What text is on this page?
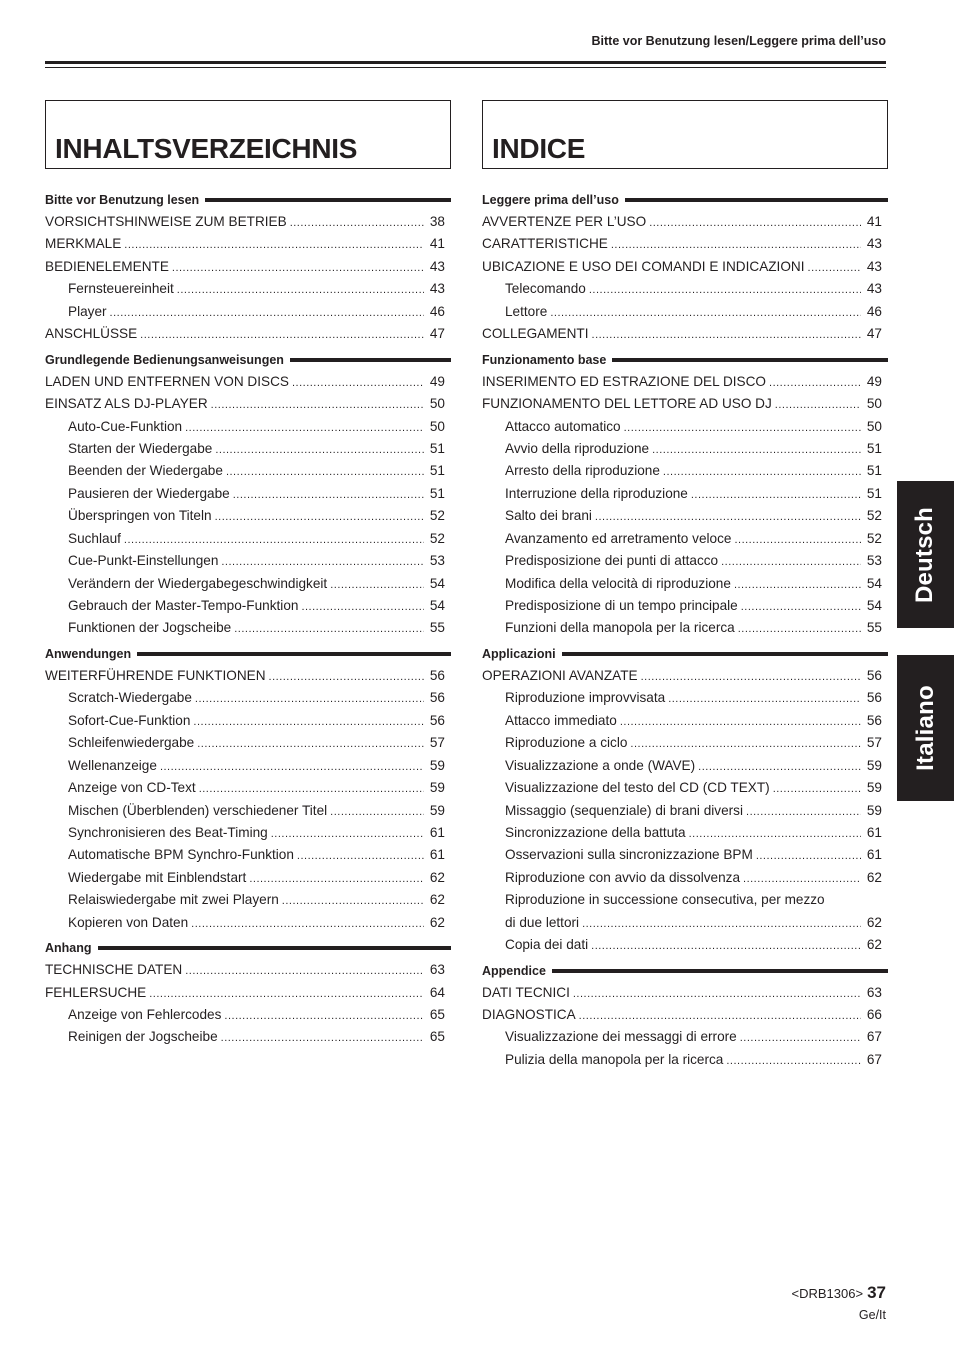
Bitte vor Benutzung lesen/Leggere prima dell’uso
INHALTSVERZEICHNIS
Bitte vor Benutzung lesen
VORSICHTSHINWEISE ZUM BETRIEB .....	38
MERKMALE .....	41
BEDIENELEMENTE .....	43
Fernsteuereinheit .....	43
Player .....	46
ANSCHLÜSSE .....	47
Grundlegende Bedienungsanweisungen
LADEN UND ENTFERNEN VON DISCS .....	49
EINSATZ ALS DJ-PLAYER .....	50
Auto-Cue-Funktion .....	50
Starten der Wiedergabe .....	51
Beenden der Wiedergabe .....	51
Pausieren der Wiedergabe .....	51
Überspringen von Titeln .....	52
Suchlauf .....	52
Cue-Punkt-Einstellungen .....	53
Verändern der Wiedergabegeschwindigkeit .....	54
Gebrauch der Master-Tempo-Funktion .....	54
Funktionen der Jogscheibe .....	55
Anwendungen
WEITERFÜHRENDE FUNKTIONEN .....	56
Scratch-Wiedergabe .....	56
Sofort-Cue-Funktion .....	56
Schleifenwiedergabe .....	57
Wellenanzeige .....	59
Anzeige von CD-Text .....	59
Mischen (Überblenden) verschiedener Titel .....	59
Synchronisieren des Beat-Timing .....	61
Automatische BPM Synchro-Funktion .....	61
Wiedergabe mit Einblendstart .....	62
Relaiswiedergabe mit zwei Playern .....	62
Kopieren von Daten .....	62
Anhang
TECHNISCHE DATEN .....	63
FEHLERSUCHE .....	64
Anzeige von Fehlercodes .....	65
Reinigen der Jogscheibe .....	65
INDICE
Leggere prima dell’uso
AVVERTENZE PER L’USO .....	41
CARATTERISTICHE .....	43
UBICAZIONE E USO DEI COMANDI E INDICAZIONI .....	43
Telecomando .....	43
Lettore .....	46
COLLEGAMENTI .....	47
Funzionamento base
INSERIMENTO ED ESTRAZIONE DEL DISCO .....	49
FUNZIONAMENTO DEL LETTORE AD USO DJ .....	50
Attacco automatico .....	50
Avvio della riproduzione .....	51
Arresto della riproduzione .....	51
Interruzione della riproduzione .....	51
Salto dei brani .....	52
Avanzamento ed arretramento veloce .....	52
Predisposizione dei punti di attacco .....	53
Modifica della velocità di riproduzione .....	54
Predisposizione di un tempo principale .....	54
Funzioni della manopola per la ricerca .....	55
Applicazioni
OPERAZIONI AVANZATE .....	56
Riproduzione improvvisata .....	56
Attacco immediato .....	56
Riproduzione a ciclo .....	57
Visualizzazione a onde (WAVE) .....	59
Visualizzazione del testo del CD (CD TEXT) .....	59
Missaggio (sequenziale) di brani diversi .....	59
Sincronizzazione della battuta .....	61
Osservazioni sulla sincronizzazione BPM .....	61
Riproduzione con avvio da dissolvenza .....	62
Riproduzione in successione consecutiva, per mezzo
di due lettori .....	62
Copia dei dati .....	62
Appendice
DATI TECNICI .....	63
DIAGNOSTICA .....	66
Visualizzazione dei messaggi di errore .....	67
Pulizia della manopola per la ricerca .....	67
Deutsch
Italiano
<DRB1306> 37
Ge/It
